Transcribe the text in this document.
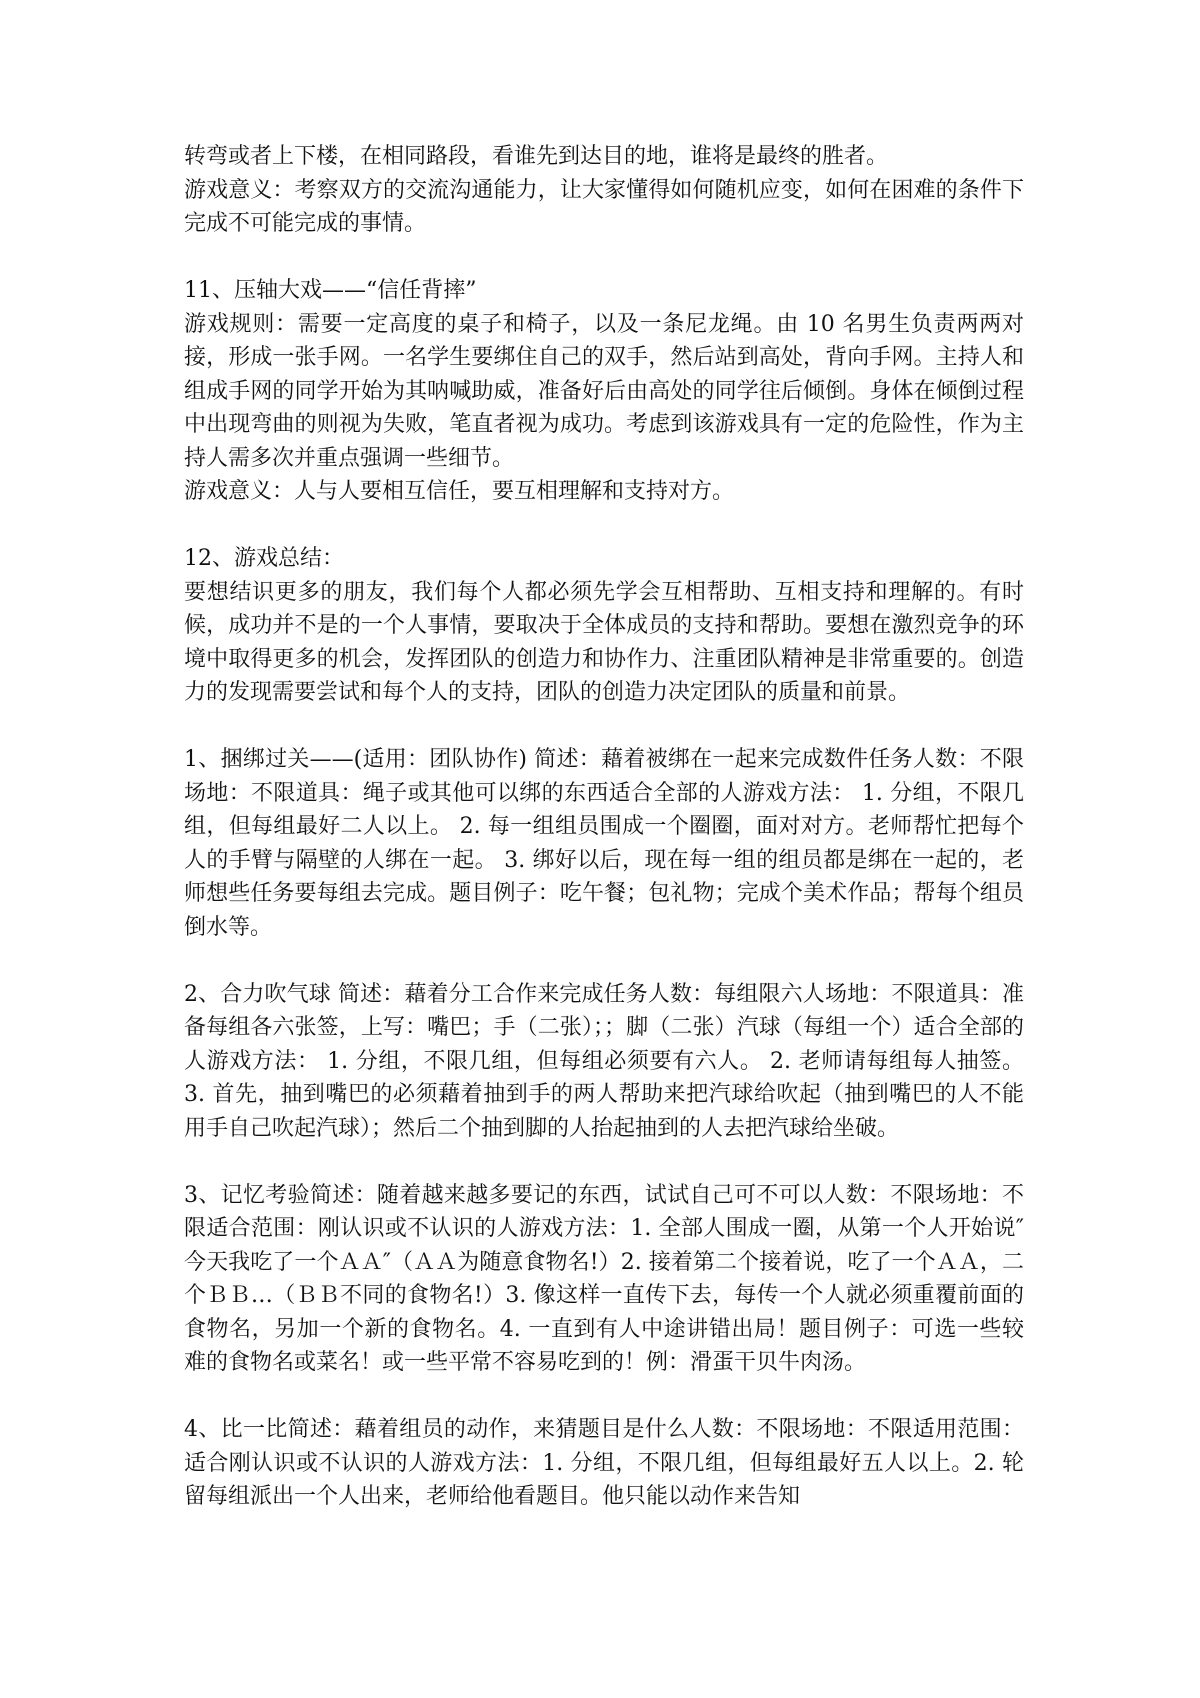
转弯或者上下楼，在相同路段，看谁先到达目的地，谁将是最终的胜者。

游戏意义：考察双方的交流沟通能力，让大家懂得如何随机应变，如何在困难的条件下完成不可能完成的事情。

11、压轴大戏——“信任背摔”

游戏规则：需要一定高度的桌子和椅子，以及一条尼龙绳。由 10 名男生负责两两对接，形成一张手网。一名学生要绑住自己的双手，然后站到高处，背向手网。主持人和组成手网的同学开始为其呐喊助威，准备好后由高处的同学往后倾倒。身体在倾倒过程中出现弯曲的则视为失败，笔直者视为成功。考虑到该游戏具有一定的危险性，作为主持人需多次并重点强调一些细节。

游戏意义：人与人要相互信任，要互相理解和支持对方。

12、游戏总结：

要想结识更多的朋友，我们每个人都必须先学会互相帮助、互相支持和理解的。有时候，成功并不是的一个人事情，要取决于全体成员的支持和帮助。要想在激烈竞争的环境中取得更多的机会，发挥团队的创造力和协作力、注重团队精神是非常重要的。创造力的发现需要尝试和每个人的支持，团队的创造力决定团队的质量和前景。

1、捆绑过关——(适用：团队协作) 简述：藉着被绑在一起来完成数件任务人数：不限场地：不限道具：绳子或其他可以绑的东西适合全部的人游戏方法： 1. 分组，不限几组，但每组最好二人以上。 2. 每一组组员围成一个圈圈，面对对方。老师帮忙把每个人的手臂与隔壁的人绑在一起。 3. 绑好以后，现在每一组的组员都是绑在一起的，老师想些任务要每组去完成。题目例子：吃午餐；包礼物；完成个美术作品；帮每个组员倒水等。

2、合力吹气球 简述：藉着分工合作来完成任务人数：每组限六人场地：不限道具：准备每组各六张签，上写：嘴巴；手（二张）；；脚（二张）汽球（每组一个）适合全部的人游戏方法： 1. 分组，不限几组，但每组必须要有六人。 2. 老师请每组每人抽签。 3. 首先，抽到嘴巴的必须藉着抽到手的两人帮助来把汽球给吹起（抽到嘴巴的人不能用手自己吹起汽球）；然后二个抽到脚的人抬起抽到的人去把汽球给坐破。

3、记忆考验简述：随着越来越多要记的东西，试试自己可不可以人数：不限场地：不限适合范围：刚认识或不认识的人游戏方法：1. 全部人围成一圈，从第一个人开始说″今天我吃了一个ＡＡ″（ＡＡ为随意食物名!）2. 接着第二个接着说，吃了一个ＡＡ，二个ＢＢ…（ＢＢ不同的食物名!）3. 像这样一直传下去，每传一个人就必须重覆前面的食物名，另加一个新的食物名。4. 一直到有人中途讲错出局！题目例子：可选一些较难的食物名或菜名！或一些平常不容易吃到的！例：滑蛋干贝牛肉汤。

4、比一比简述：藉着组员的动作，来猜题目是什么人数：不限场地：不限适用范围：适合刚认识或不认识的人游戏方法：1. 分组，不限几组，但每组最好五人以上。2. 轮留每组派出一个人出来，老师给他看题目。他只能以动作来告知
